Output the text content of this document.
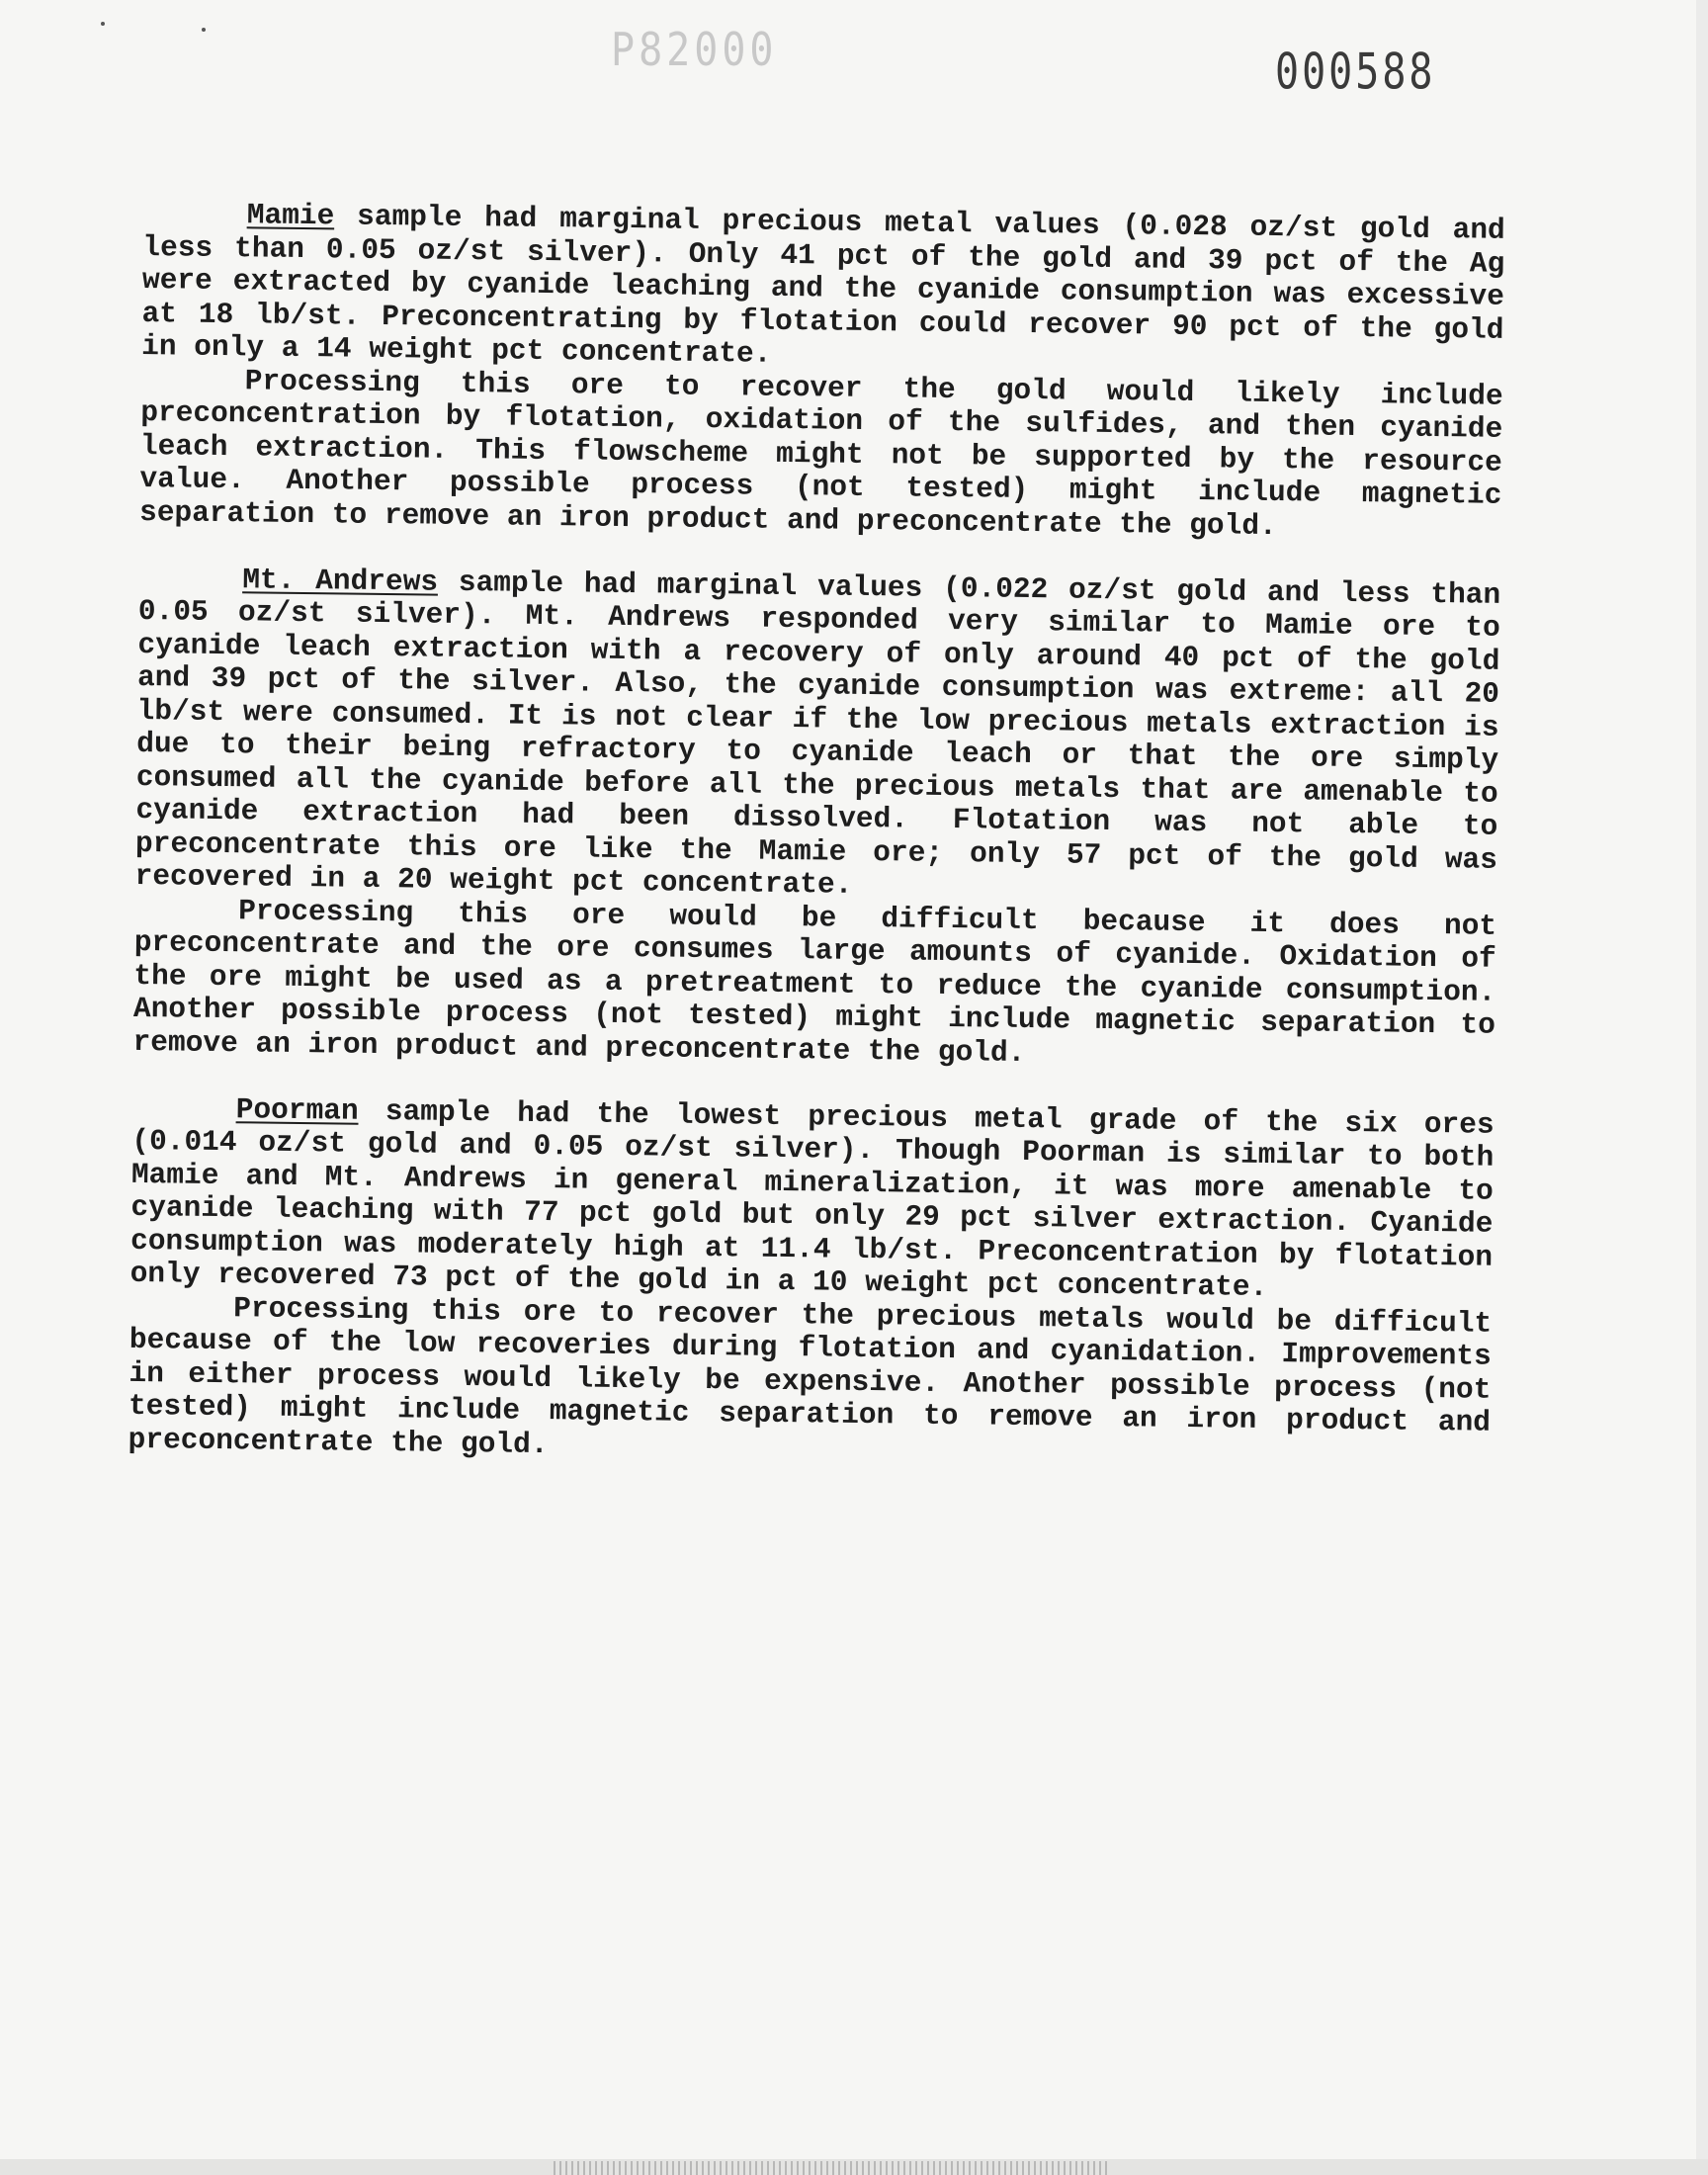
P82000	000588

Mamie sample had marginal precious metal values (0.028 oz/st gold and less than 0.05 oz/st silver). Only 41 pct of the gold and 39 pct of the Ag were extracted by cyanide leaching and the cyanide consumption was excessive at 18 lb/st. Preconcentrating by flotation could recover 90 pct of the gold in only a 14 weight pct concentrate.

Processing this ore to recover the gold would likely include preconcentration by flotation, oxidation of the sulfides, and then cyanide leach extraction. This flowscheme might not be supported by the resource value. Another possible process (not tested) might include magnetic separation to remove an iron product and preconcentrate the gold.

Mt. Andrews sample had marginal values (0.022 oz/st gold and less than 0.05 oz/st silver). Mt. Andrews responded very similar to Mamie ore to cyanide leach extraction with a recovery of only around 40 pct of the gold and 39 pct of the silver. Also, the cyanide consumption was extreme: all 20 lb/st were consumed. It is not clear if the low precious metals extraction is due to their being refractory to cyanide leach or that the ore simply consumed all the cyanide before all the precious metals that are amenable to cyanide extraction had been dissolved. Flotation was not able to preconcentrate this ore like the Mamie ore; only 57 pct of the gold was recovered in a 20 weight pct concentrate.

Processing this ore would be difficult because it does not preconcentrate and the ore consumes large amounts of cyanide. Oxidation of the ore might be used as a pretreatment to reduce the cyanide consumption. Another possible process (not tested) might include magnetic separation to remove an iron product and preconcentrate the gold.

Poorman sample had the lowest precious metal grade of the six ores (0.014 oz/st gold and 0.05 oz/st silver). Though Poorman is similar to both Mamie and Mt. Andrews in general mineralization, it was more amenable to cyanide leaching with 77 pct gold but only 29 pct silver extraction. Cyanide consumption was moderately high at 11.4 lb/st. Preconcentration by flotation only recovered 73 pct of the gold in a 10 weight pct concentrate.

Processing this ore to recover the precious metals would be difficult because of the low recoveries during flotation and cyanidation. Improvements in either process would likely be expensive. Another possible process (not tested) might include magnetic separation to remove an iron product and preconcentrate the gold.
